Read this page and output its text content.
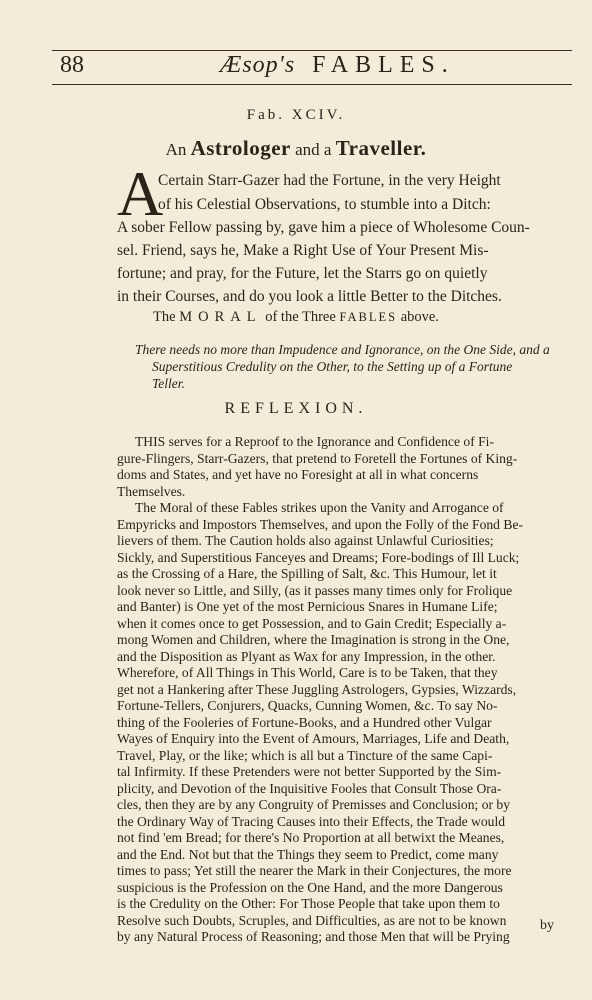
88	Æsop's FABLES.
Fab. XCIV.
An Astrologer and a Traveller.
A
Certain Starr-Gazer had the Fortune, in the very Height
of his Celestial Observations, to stumble into a Ditch:
A sober Fellow passing by, gave him a piece of Wholesome Coun-
sel. Friend, says he, Make a Right Use of Your Present Mis-
fortune; and pray, for the Future, let the Starrs go on quietly
in their Courses, and do you look a little Better to the Ditches.
The MORAL of the Three FABLES above.
There needs no more than Impudence and Ignorance, on the One Side, and a
Superstitious Credulity on the Other, to the Setting up of a Fortune
Teller.
REFLEXION.
THIS serves for a Reproof to the Ignorance and Confidence of Fi-
gure-Flingers, Starr-Gazers, that pretend to Foretell the Fortunes of King-
doms and States, and yet have no Foresight at all in what concerns
Themselves.
The Moral of these Fables strikes upon the Vanity and Arrogance of
Empyricks and Impostors Themselves, and upon the Folly of the Fond Be-
lievers of them. The Caution holds also against Unlawful Curiosities;
Sickly, and Superstitious Fanceyes and Dreams; Fore-bodings of Ill Luck;
as the Crossing of a Hare, the Spilling of Salt, &c. This Humour, let it
look never so Little, and Silly, (as it passes many times only for Frolique
and Banter) is One yet of the most Pernicious Snares in Humane Life;
when it comes once to get Possession, and to Gain Credit; Especially a-
mong Women and Children, where the Imagination is strong in the One,
and the Disposition as Plyant as Wax for any Impression, in the other.
Wherefore, of All Things in This World, Care is to be Taken, that they
get not a Hankering after These Juggling Astrologers, Gypsies, Wizzards,
Fortune-Tellers, Conjurers, Quacks, Cunning Women, &c. To say No-
thing of the Fooleries of Fortune-Books, and a Hundred other Vulgar
Wayes of Enquiry into the Event of Amours, Marriages, Life and Death,
Travel, Play, or the like; which is all but a Tincture of the same Capi-
tal Infirmity. If these Pretenders were not better Supported by the Sim-
plicity, and Devotion of the Inquisitive Fooles that Consult Those Ora-
cles, then they are by any Congruity of Premisses and Conclusion; or by
the Ordinary Way of Tracing Causes into their Effects, the Trade would
not find 'em Bread; for there's No Proportion at all betwixt the Meanes,
and the End. Not but that the Things they seem to Predict, come many
times to pass; Yet still the nearer the Mark in their Conjectures, the more
suspicious is the Profession on the One Hand, and the more Dangerous
is the Credulity on the Other: For Those People that take upon them to
Resolve such Doubts, Scruples, and Difficulties, as are not to be known
by any Natural Process of Reasoning; and those Men that will be Prying
by
